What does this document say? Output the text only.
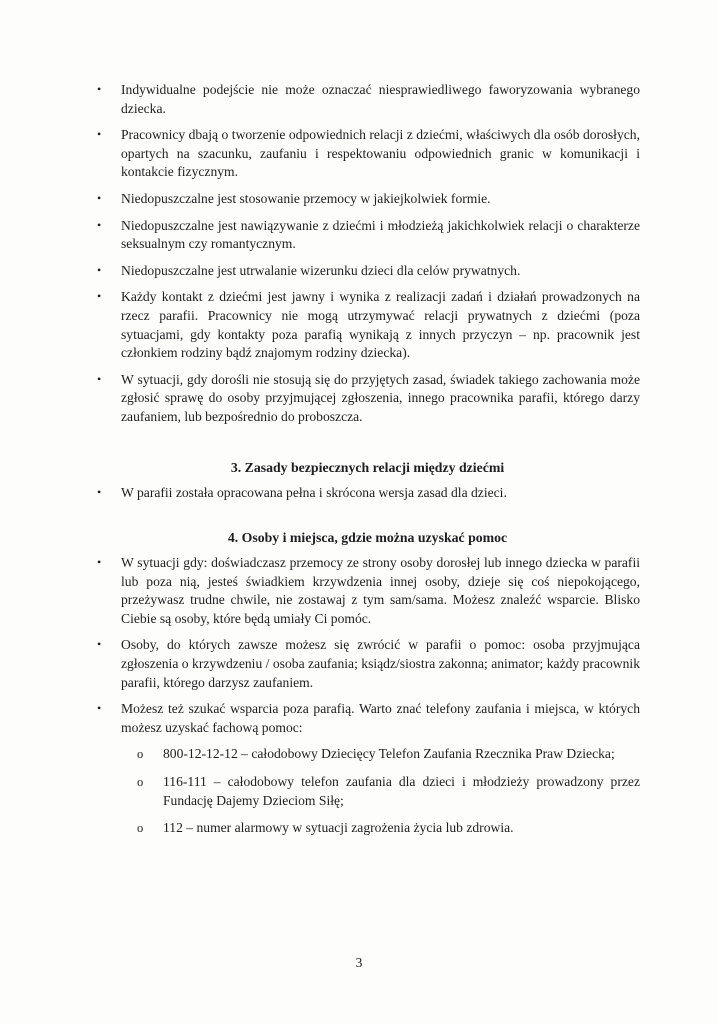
• Indywidualne podejście nie może oznaczać niesprawiedliwego faworyzowania wybranego dziecka.
• Pracownicy dbają o tworzenie odpowiednich relacji z dziećmi, właściwych dla osób dorosłych, opartych na szacunku, zaufaniu i respektowaniu odpowiednich granic w komunikacji i kontakcie fizycznym.
• Niedopuszczalne jest stosowanie przemocy w jakiejkolwiek formie.
• Niedopuszczalne jest nawiązywanie z dziećmi i młodzieżą jakichkolwiek relacji o charakterze seksualnym czy romantycznym.
• Niedopuszczalne jest utrwalanie wizerunku dzieci dla celów prywatnych.
• Każdy kontakt z dziećmi jest jawny i wynika z realizacji zadań i działań prowadzonych na rzecz parafii. Pracownicy nie mogą utrzymywać relacji prywatnych z dziećmi (poza sytuacjami, gdy kontakty poza parafią wynikają z innych przyczyn – np. pracownik jest członkiem rodziny bądź znajomym rodziny dziecka).
• W sytuacji, gdy dorośli nie stosują się do przyjętych zasad, świadek takiego zachowania może zgłosić sprawę do osoby przyjmującej zgłoszenia, innego pracownika parafii, którego darzy zaufaniem, lub bezpośrednio do proboszcza.
3. Zasady bezpiecznych relacji między dziećmi
• W parafii została opracowana pełna i skrócona wersja zasad dla dzieci.
4. Osoby i miejsca, gdzie można uzyskać pomoc
• W sytuacji gdy: doświadczasz przemocy ze strony osoby dorosłej lub innego dziecka w parafii lub poza nią, jesteś świadkiem krzywdzenia innej osoby, dzieje się coś niepokojącego, przeżywasz trudne chwile, nie zostawaj z tym sam/sama. Możesz znaleźć wsparcie. Blisko Ciebie są osoby, które będą umiały Ci pomóc.
• Osoby, do których zawsze możesz się zwrócić w parafii o pomoc: osoba przyjmująca zgłoszenia o krzywdzeniu / osoba zaufania; ksiądz/siostra zakonna; animator; każdy pracownik parafii, którego darzysz zaufaniem.
• Możesz też szukać wsparcia poza parafią. Warto znać telefony zaufania i miejsca, w których możesz uzyskać fachową pomoc:
o 800-12-12-12 – całodobowy Dziecięcy Telefon Zaufania Rzecznika Praw Dziecka;
o 116-111 – całodobowy telefon zaufania dla dzieci i młodzieży prowadzony przez Fundację Dajemy Dzieciom Siłę;
o 112 – numer alarmowy w sytuacji zagrożenia życia lub zdrowia.
3
